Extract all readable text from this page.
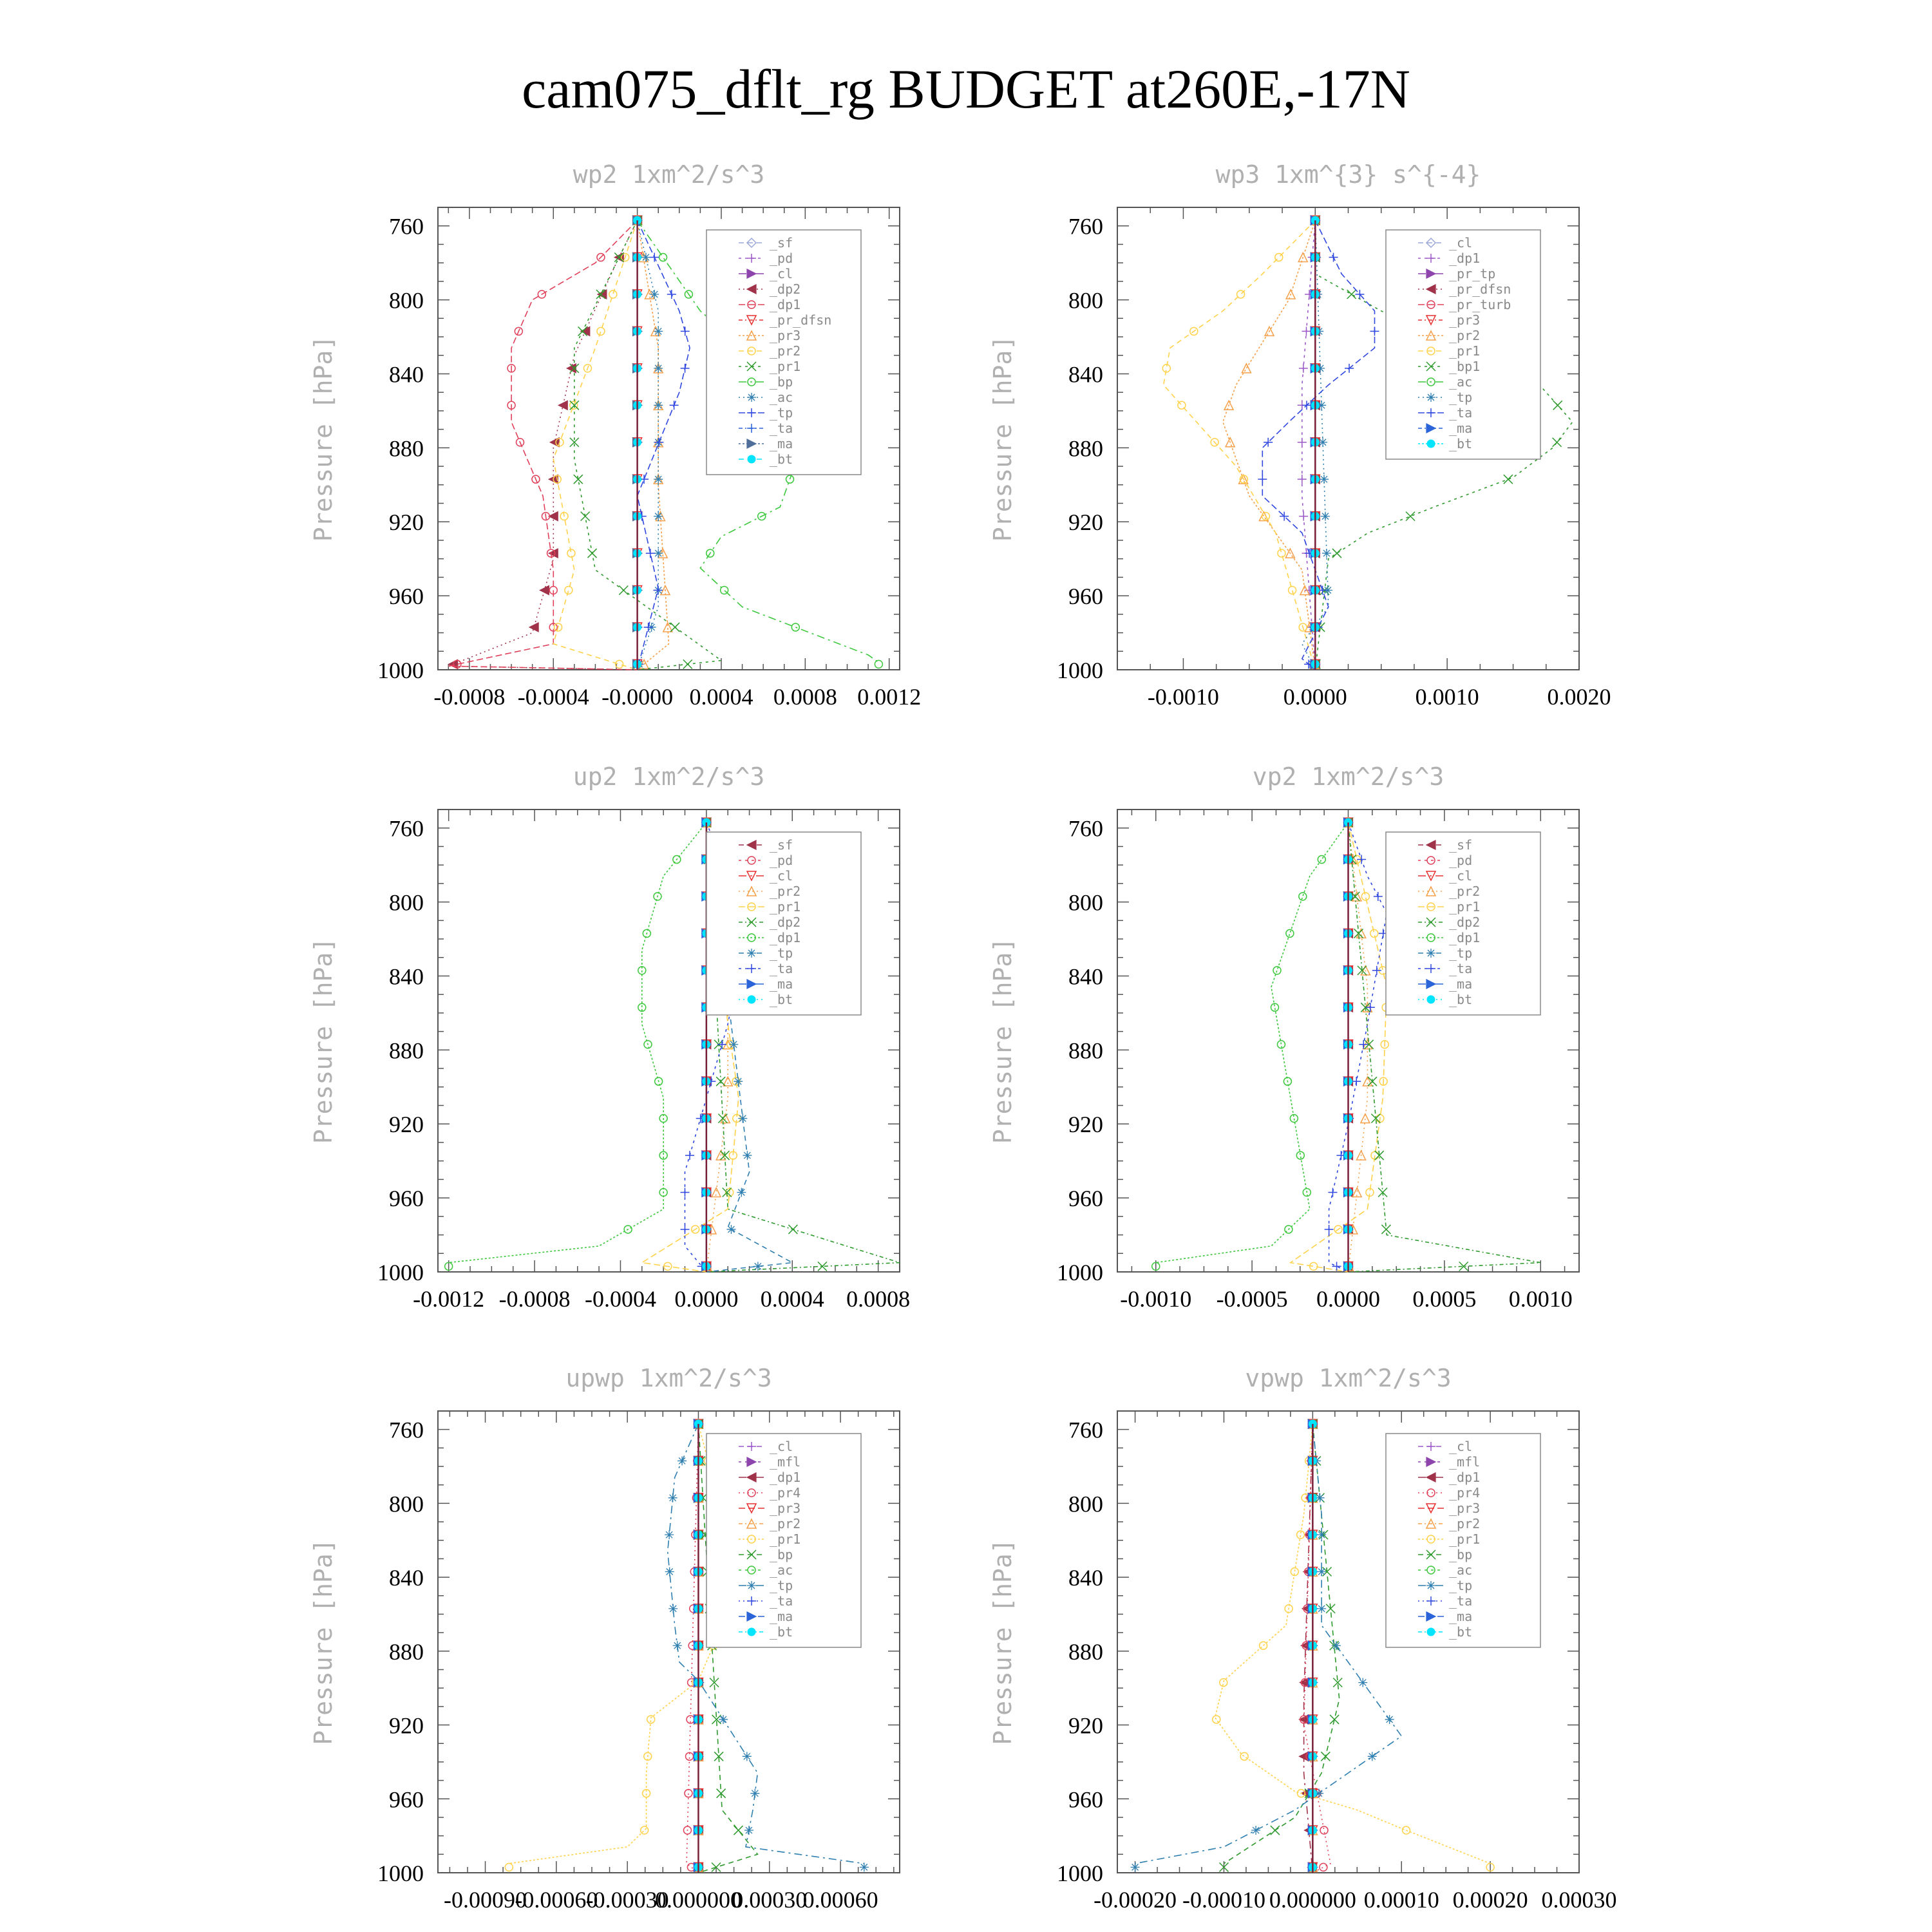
cam075_dflt_rg BUDGET at260E,-17N
wp2 1xm^2/s^3
Pressure [hPa]
760
800
840
880
920
960
1000
-0.0008 -0.0004 -0.0000 0.0004 0.0008 0.0012
_sf
_pd
_cl
_dp2
_dp1
_pr_dfsn
_pr3
_pr2
_pr1
_bp
_ac
_tp
_ta
_ma
_bt
wp3 1xm^{3} s^{-4}
Pressure [hPa]
760
800
840
880
920
960
1000
-0.0010	0.0000	0.0010	0.0020
_cl
_dp1
_pr_tp
_pr_dfsn
_pr_turb
_pr3
_pr2
_pr1
_bp1
_ac
_tp
_ta
_ma
_bt
up2 1xm^2/s^3
Pressure [hPa]
760
800
840
880
920
960
1000
-0.0012 -0.0008 -0.0004 0.0000 0.0004 0.0008
_sf
_pd
_cl
_pr2
_pr1
_dp2
_dp1
_tp
_ta
_ma
_bt
vp2 1xm^2/s^3
Pressure [hPa]
760
800
840
880
920
960
1000
-0.0010 -0.0005 0.0000 0.0005 0.0010
_sf
_pd
_cl
_pr2
_pr1
_dp2
_dp1
_tp
_ta
_ma
_bt
upwp 1xm^2/s^3
Pressure [hPa]
760
800
840
880
920
960
1000
-0.00090
-0.00060
-0.00030
0.000000
0.00030
0.00060
_cl
_mfl
_dp1
_pr4
_pr3
_pr2
_pr1
_bp
_ac
_tp
_ta
_ma
_bt
vpwp 1xm^2/s^3
Pressure [hPa]
760
800
840
880
920
960
1000
-0.00020 -0.00010 0.000000 0.00010 0.00020 0.00030
_cl
_mfl
_dp1
_pr4
_pr3
_pr2
_pr1
_bp
_ac
_tp
_ta
_ma
_bt
